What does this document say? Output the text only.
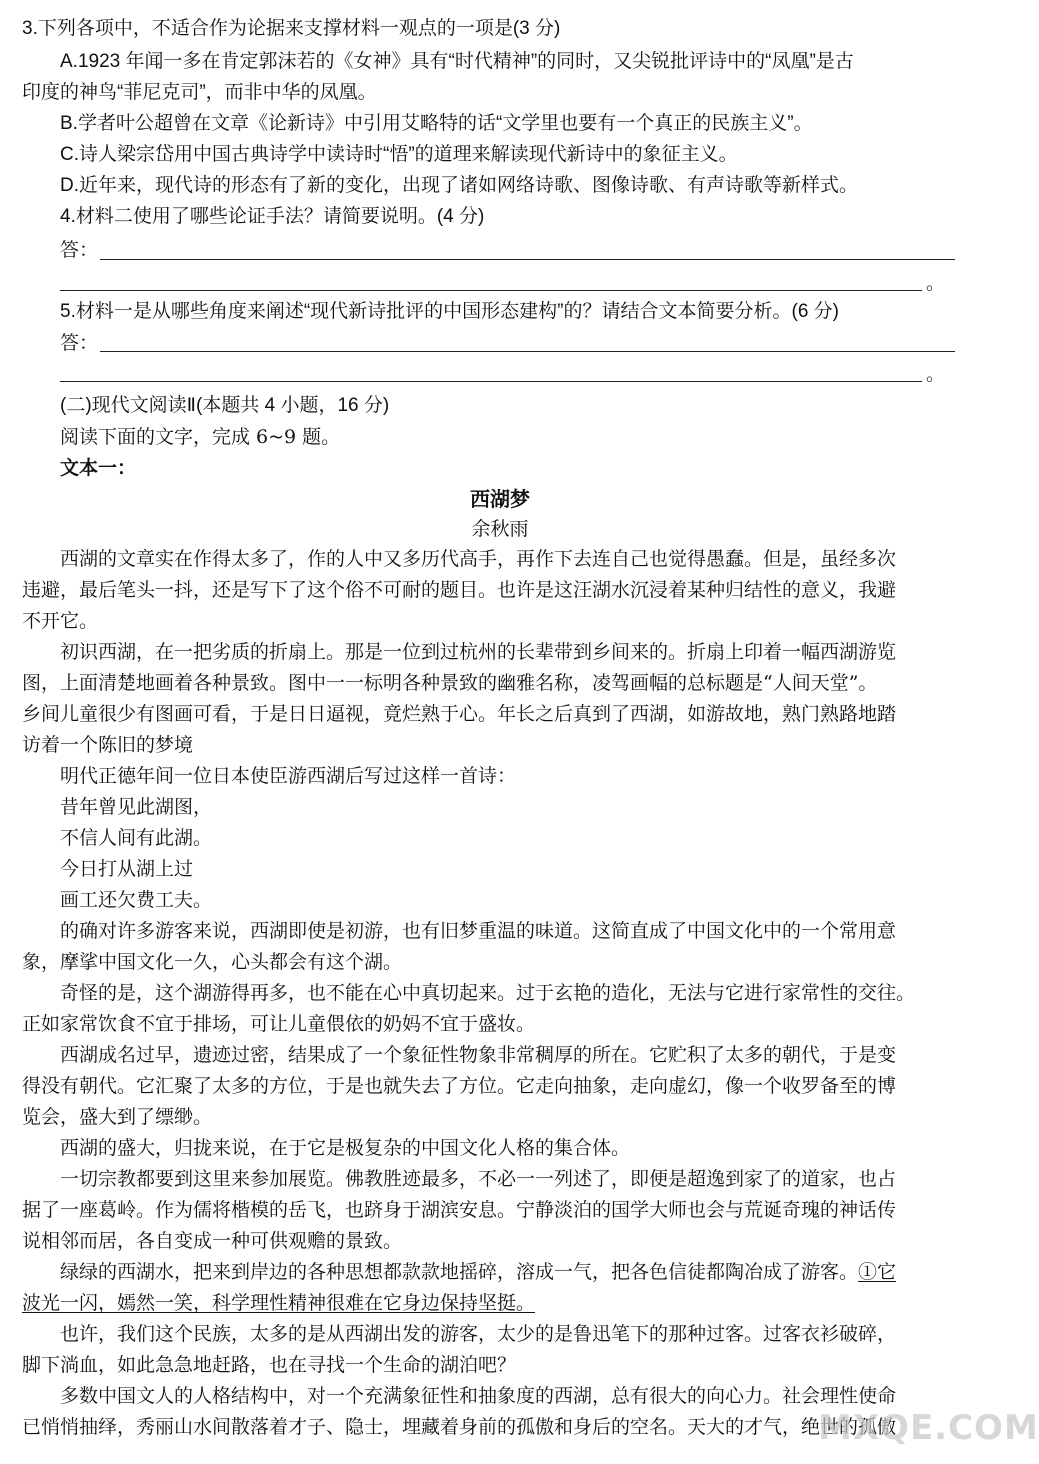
3.下列各项中，不适合作为论据来支撑材料一观点的一项是(3 分)
A.1923 年闻一多在肯定郭沫若的《女神》具有“时代精神”的同时，又尖锐批评诗中的“凤凰”是古
印度的神鸟“菲尼克司”，而非中华的凤凰。
B.学者叶公超曾在文章《论新诗》中引用艾略特的话“文学里也要有一个真正的民族主义”。
C.诗人梁宗岱用中国古典诗学中读诗时“悟”的道理来解读现代新诗中的象征主义。
D.近年来，现代诗的形态有了新的变化，出现了诸如网络诗歌、图像诗歌、有声诗歌等新样式。
4.材料二使用了哪些论证手法？请简要说明。(4 分)
答：
。
5.材料一是从哪些角度来阐述“现代新诗批评的中国形态建构”的？请结合文本简要分析。(6 分)
答：
。
(二)现代文阅读Ⅱ(本题共 4 小题，16 分)
阅读下面的文字，完成 6~9 题。
文本一：
西湖梦
余秋雨
西湖的文章实在作得太多了，作的人中又多历代高手，再作下去连自己也觉得愚蠢。但是，虽经多次
违避，最后笔头一抖，还是写下了这个俗不可耐的题目。也许是这汪湖水沉浸着某种归结性的意义，我避
不开它。
初识西湖，在一把劣质的折扇上。那是一位到过杭州的长辈带到乡间来的。折扇上印着一幅西湖游览
图，上面清楚地画着各种景致。图中一一标明各种景致的幽雅名称，凌驾画幅的总标题是“人间天堂”。
乡间儿童很少有图画可看，于是日日逼视，竟烂熟于心。年长之后真到了西湖，如游故地，熟门熟路地踏
访着一个陈旧的梦境
明代正德年间一位日本使臣游西湖后写过这样一首诗：
昔年曾见此湖图，
不信人间有此湖。
今日打从湖上过
画工还欠费工夫。
的确对许多游客来说，西湖即使是初游，也有旧梦重温的味道。这简直成了中国文化中的一个常用意
象，摩挲中国文化一久，心头都会有这个湖。
奇怪的是，这个湖游得再多，也不能在心中真切起来。过于玄艳的造化，无法与它进行家常性的交往。
正如家常饮食不宜于排场，可让儿童偎依的奶妈不宜于盛妆。
西湖成名过早，遗迹过密，结果成了一个象征性物象非常稠厚的所在。它贮积了太多的朝代，于是变
得没有朝代。它汇聚了太多的方位，于是也就失去了方位。它走向抽象，走向虚幻，像一个收罗备至的博
览会，盛大到了缥缈。
西湖的盛大，归拢来说，在于它是极复杂的中国文化人格的集合体。
一切宗教都要到这里来参加展览。佛教胜迹最多，不必一一列述了，即便是超逸到家了的道家，也占
据了一座葛岭。作为儒将楷模的岳飞，也跻身于湖滨安息。宁静淡泊的国学大师也会与荒诞奇瑰的神话传
说相邻而居，各自变成一种可供观赡的景致。
绿绿的西湖水，把来到岸边的各种思想都款款地摇碎，溶成一气，把各色信徒都陶冶成了游客。①它
波光一闪，嫣然一笑，科学理性精神很难在它身边保持坚挺。
也许，我们这个民族，太多的是从西湖出发的游客，太少的是鲁迅笔下的那种过客。过客衣衫破碎，
脚下淌血，如此急急地赶路，也在寻找一个生命的湖泊吧？
多数中国文人的人格结构中，对一个充满象征性和抽象度的西湖，总有很大的向心力。社会理性使命
已悄悄抽绎，秀丽山水间散落着才子、隐士，埋藏着身前的孤傲和身后的空名。天大的才气，绝世的孤傲
MXQE.COM
